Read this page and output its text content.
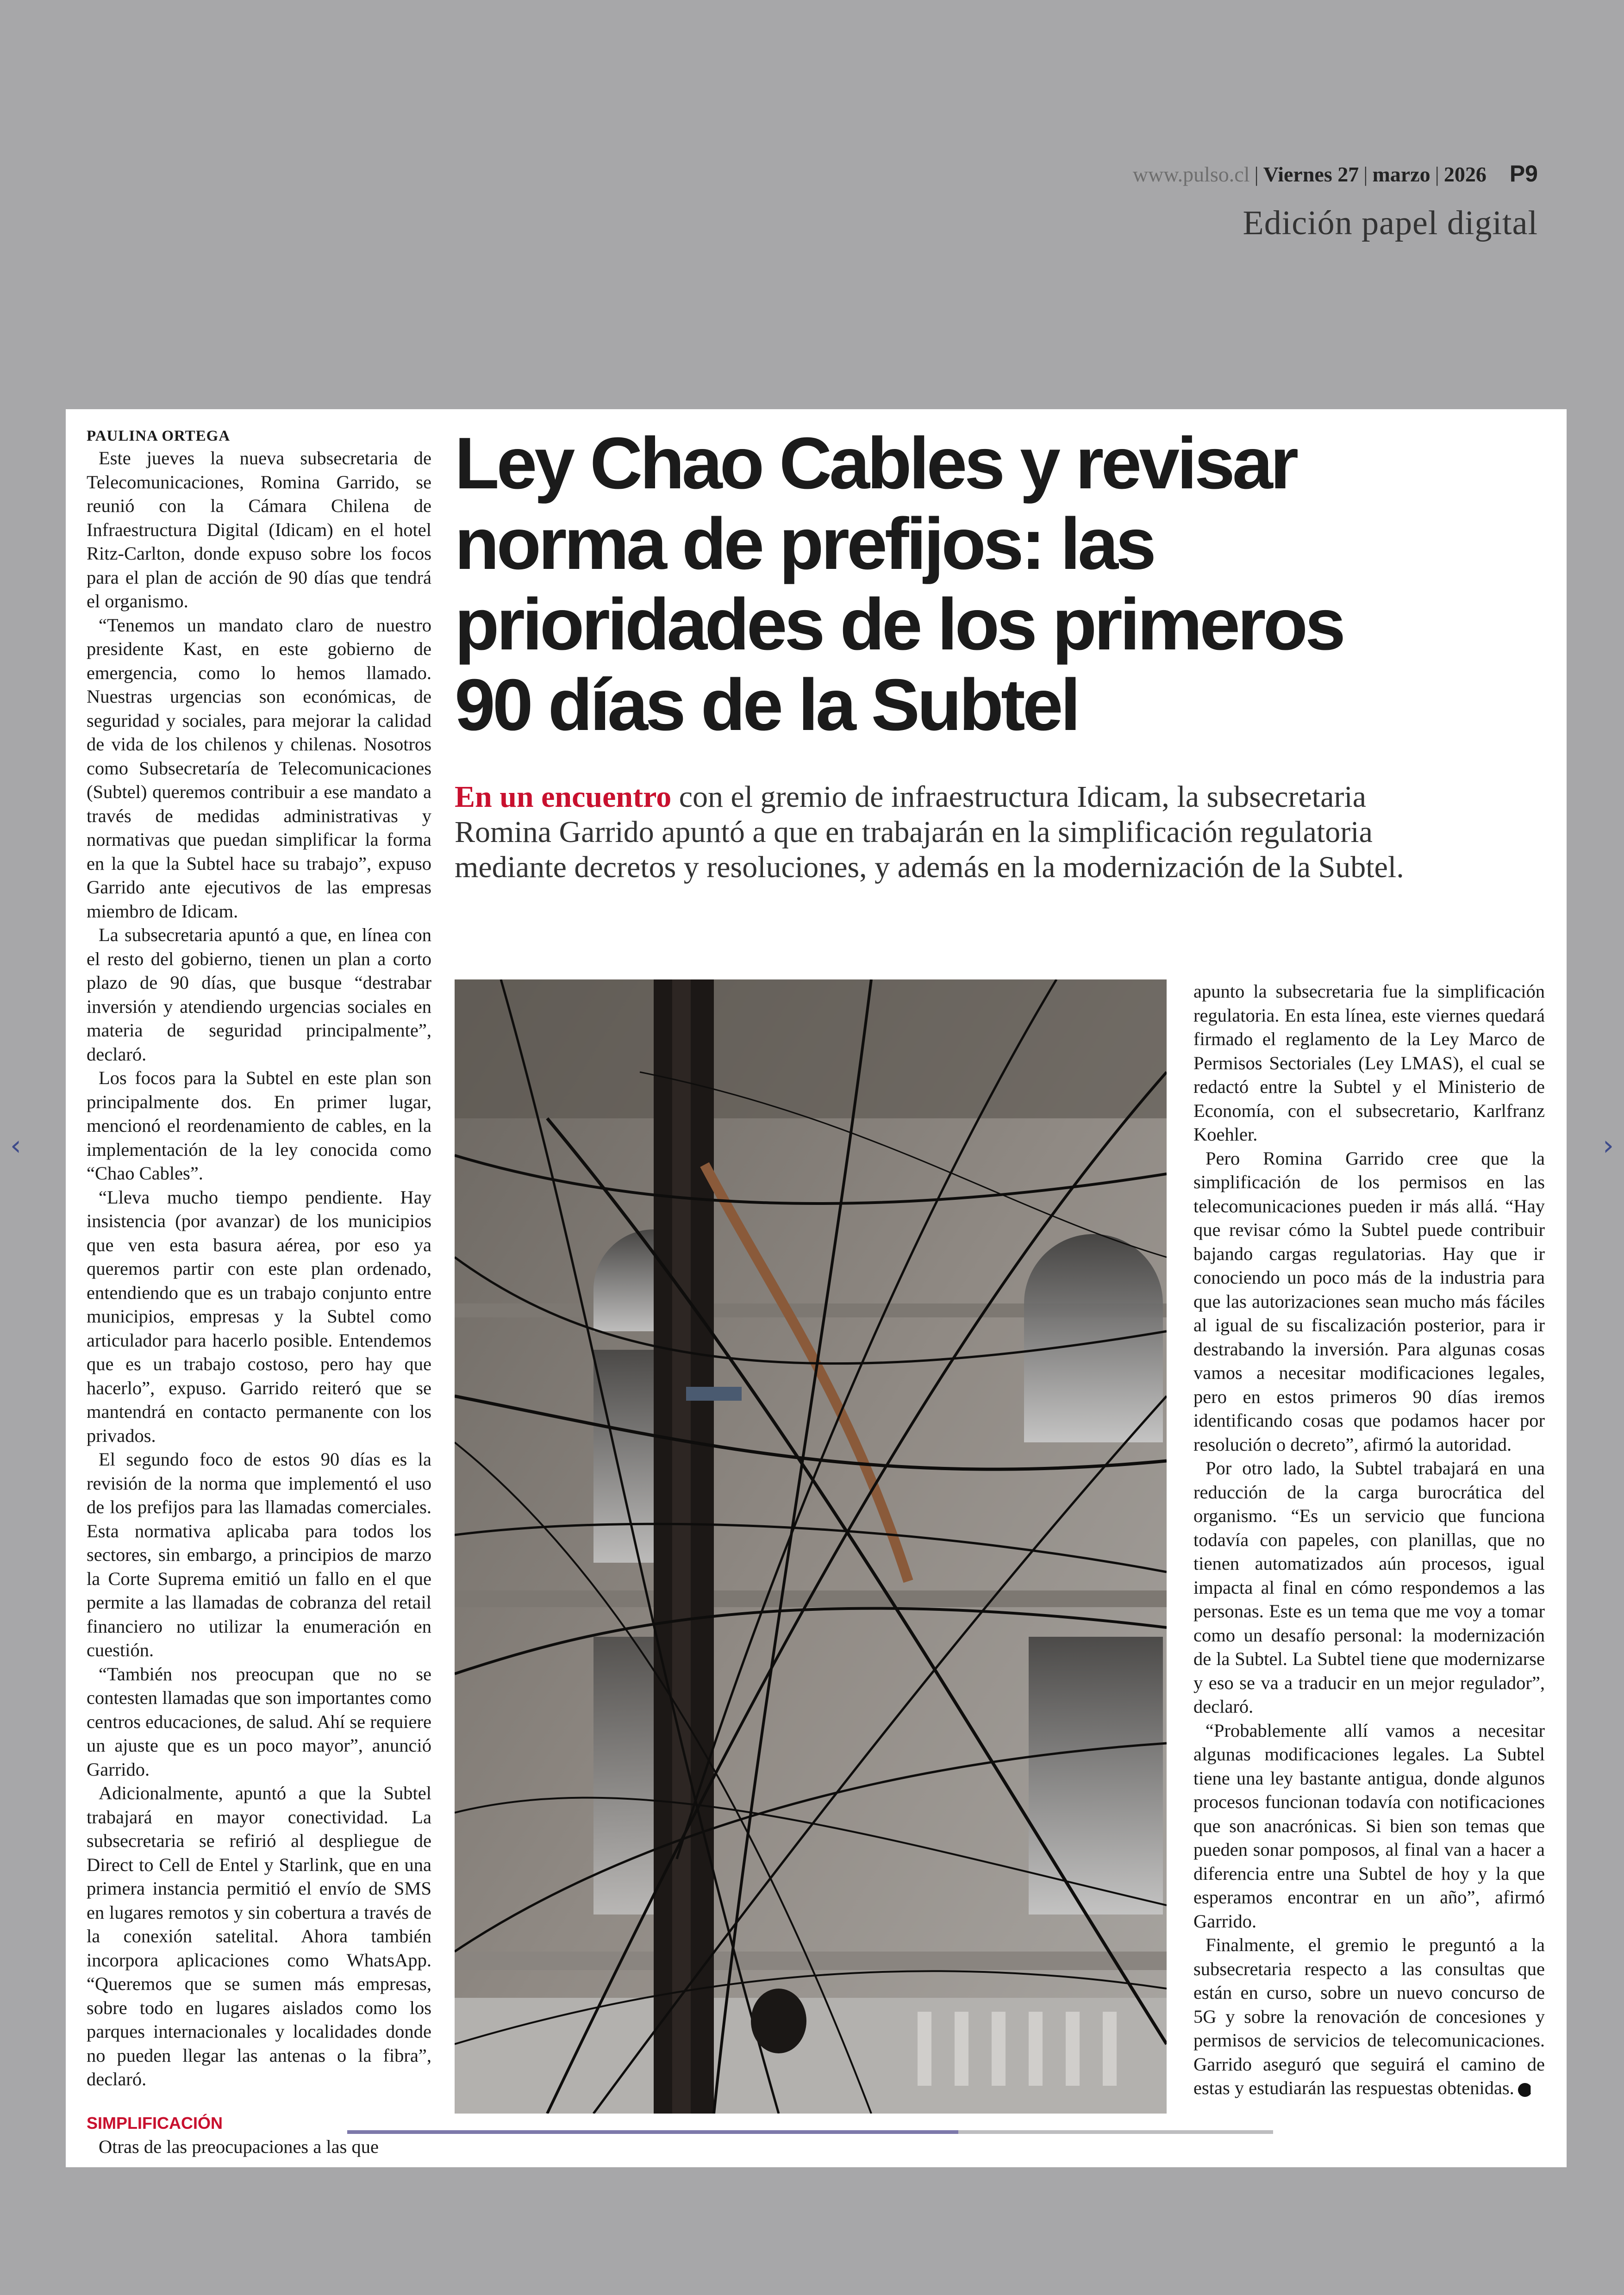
www.pulso.cl | Viernes 27 | marzo | 2026 P9
Edición papel digital
‹	›
PAULINA ORTEGA

Este jueves la nueva subsecretaria de Telecomunicaciones, Romina Garrido, se reunió con la Cámara Chilena de Infraestructura Digital (Idicam) en el hotel Ritz-Carlton, donde expuso sobre los focos para el plan de acción de 90 días que tendrá el organismo.

“Tenemos un mandato claro de nuestro presidente Kast, en este gobierno de emergencia, como lo hemos llamado. Nuestras urgencias son económicas, de seguridad y sociales, para mejorar la calidad de vida de los chilenos y chilenas. Nosotros como Subsecretaría de Telecomunicaciones (Subtel) queremos contribuir a ese mandato a través de medidas administrativas y normativas que puedan simplificar la forma en la que la Subtel hace su trabajo”, expuso Garrido ante ejecutivos de las empresas miembro de Idicam.

La subsecretaria apuntó a que, en línea con el resto del gobierno, tienen un plan a corto plazo de 90 días, que busque “destrabar inversión y atendiendo urgencias sociales en materia de seguridad principalmente”, declaró.

Los focos para la Subtel en este plan son principalmente dos. En primer lugar, mencionó el reordenamiento de cables, en la implementación de la ley conocida como “Chao Cables”.

“Lleva mucho tiempo pendiente. Hay insistencia (por avanzar) de los municipios que ven esta basura aérea, por eso ya queremos partir con este plan ordenado, entendiendo que es un trabajo conjunto entre municipios, empresas y la Subtel como articulador para hacerlo posible. Entendemos que es un trabajo costoso, pero hay que hacerlo”, expuso. Garrido reiteró que se mantendrá en contacto permanente con los privados.

El segundo foco de estos 90 días es la revisión de la norma que implementó el uso de los prefijos para las llamadas comerciales. Esta normativa aplicaba para todos los sectores, sin embargo, a principios de marzo la Corte Suprema emitió un fallo en el que permite a las llamadas de cobranza del retail financiero no utilizar la enumeración en cuestión.

“También nos preocupan que no se contesten llamadas que son importantes como centros educaciones, de salud. Ahí se requiere un ajuste que es un poco mayor”, anunció Garrido.

Adicionalmente, apuntó a que la Subtel trabajará en mayor conectividad. La subsecretaria se refirió al despliegue de Direct to Cell de Entel y Starlink, que en una primera instancia permitió el envío de SMS en lugares remotos y sin cobertura a través de la conexión satelital. Ahora también incorpora aplicaciones como WhatsApp. “Queremos que se sumen más empresas, sobre todo en lugares aislados como los parques internacionales y localidades donde no pueden llegar las antenas o la fibra”, declaró.

SIMPLIFICACIÓN

Otras de las preocupaciones a las que

Ley Chao Cables y revisar norma de prefijos: las prioridades de los primeros 90 días de la Subtel

En un encuentro con el gremio de infraestructura Idicam, la subsecretaria Romina Garrido apuntó a que en trabajarán en la simplificación regulatoria mediante decretos y resoluciones, y además en la modernización de la Subtel.

apunto la subsecretaria fue la simplificación regulatoria. En esta línea, este viernes quedará firmado el reglamento de la Ley Marco de Permisos Sectoriales (Ley LMAS), el cual se redactó entre la Subtel y el Ministerio de Economía, con el subsecretario, Karlfranz Koehler.

Pero Romina Garrido cree que la simplificación de los permisos en las telecomunicaciones pueden ir más allá. “Hay que revisar cómo la Subtel puede contribuir bajando cargas regulatorias. Hay que ir conociendo un poco más de la industria para que las autorizaciones sean mucho más fáciles al igual de su fiscalización posterior, para ir destrabando la inversión. Para algunas cosas vamos a necesitar modificaciones legales, pero en estos primeros 90 días iremos identificando cosas que podamos hacer por resolución o decreto”, afirmó la autoridad.

Por otro lado, la Subtel trabajará en una reducción de la carga burocrática del organismo. “Es un servicio que funciona todavía con papeles, con planillas, que no tienen automatizados aún procesos, igual impacta al final en cómo respondemos a las personas. Este es un tema que me voy a tomar como un desafío personal: la modernización de la Subtel. La Subtel tiene que modernizarse y eso se va a traducir en un mejor regulador”, declaró.

“Probablemente allí vamos a necesitar algunas modificaciones legales. La Subtel tiene una ley bastante antigua, donde algunos procesos funcionan todavía con notificaciones que son anacrónicas. Si bien son temas que pueden sonar pomposos, al final van a hacer a diferencia entre una Subtel de hoy y la que esperamos encontrar en un año”, afirmó Garrido.

Finalmente, el gremio le preguntó a la subsecretaria respecto a las consultas que están en curso, sobre un nuevo concurso de 5G y sobre la renovación de concesiones y permisos de servicios de telecomunicaciones. Garrido aseguró que seguirá el camino de estas y estudiarán las respuestas obtenidas. P
